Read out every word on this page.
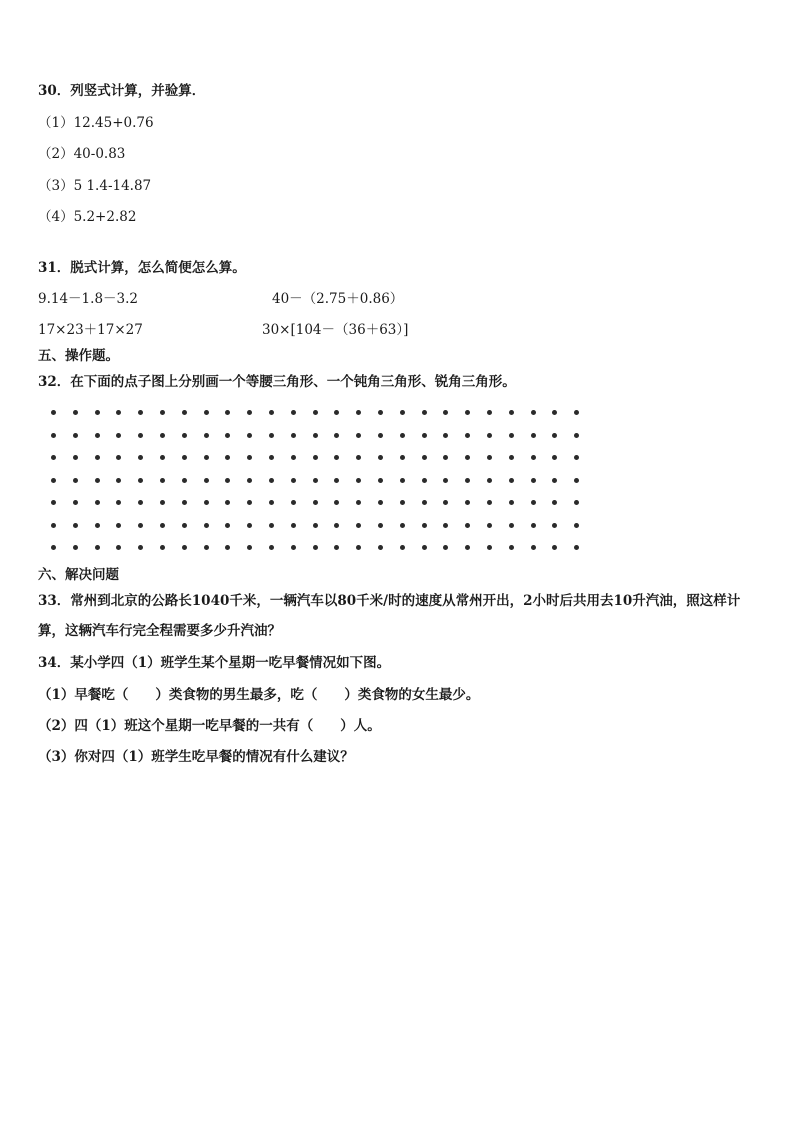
30．列竖式计算，并验算．
（1）12.45+0.76
（2）40-0.83
（3）5 1.4-14.87
（4）5.2+2.82
31．脱式计算，怎么简便怎么算。
9.14－1.8－3.2	40－（2.75＋0.86）
17×23＋17×27	30×[104－（36＋63）]
五、操作题。
32．在下面的点子图上分别画一个等腰三角形、一个钝角三角形、锐角三角形。
六、解决问题
33．常州到北京的公路长1040千米，一辆汽车以80千米/时的速度从常州开出，2小时后共用去10升汽油，照这样计
算，这辆汽车行完全程需要多少升汽油？
34．某小学四（1）班学生某个星期一吃早餐情况如下图。
（1）早餐吃（　　）类食物的男生最多，吃（　　）类食物的女生最少。
（2）四（1）班这个星期一吃早餐的一共有（　　）人。
（3）你对四（1）班学生吃早餐的情况有什么建议？
